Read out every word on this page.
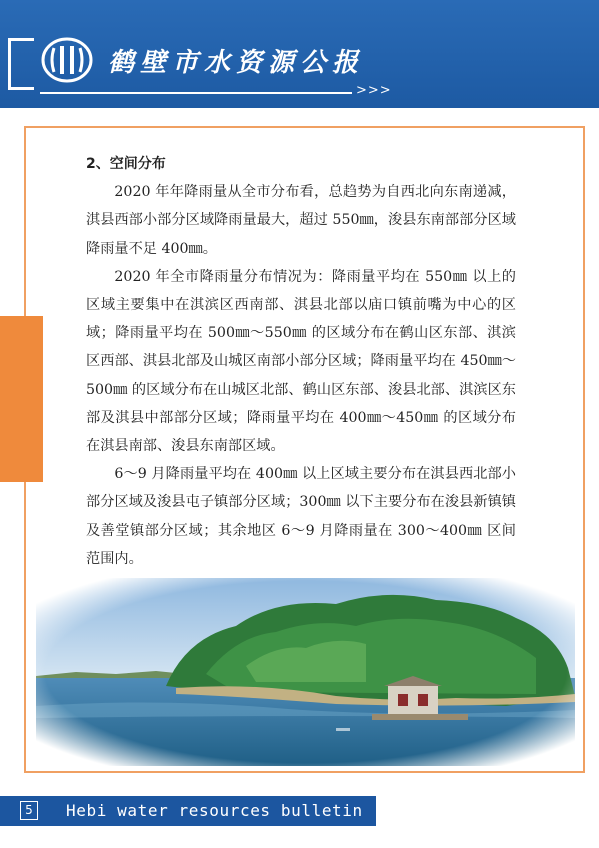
鹤壁市水资源公报
>>>

2、空间分布

2020 年年降雨量从全市分布看，总趋势为自西北向东南递减，淇县西部小部分区域降雨量最大，超过 550㎜，浚县东南部部分区域降雨量不足 400㎜。

2020 年全市降雨量分布情况为：降雨量平均在 550㎜ 以上的区域主要集中在淇滨区西南部、淇县北部以庙口镇前嘴为中心的区域；降雨量平均在 500㎜～550㎜ 的区域分布在鹤山区东部、淇滨区西部、淇县北部及山城区南部小部分区域；降雨量平均在 450㎜～500㎜ 的区域分布在山城区北部、鹤山区东部、浚县北部、淇滨区东部及淇县中部部分区域；降雨量平均在 400㎜～450㎜ 的区域分布在淇县南部、浚县东南部区域。

6～9 月降雨量平均在 400㎜ 以上区域主要分布在淇县西北部小部分区域及浚县屯子镇部分区域；300㎜ 以下主要分布在浚县新镇镇及善堂镇部分区域；其余地区 6～9 月降雨量在 300～400㎜ 区间范围内。

5	Hebi water resources bulletin
